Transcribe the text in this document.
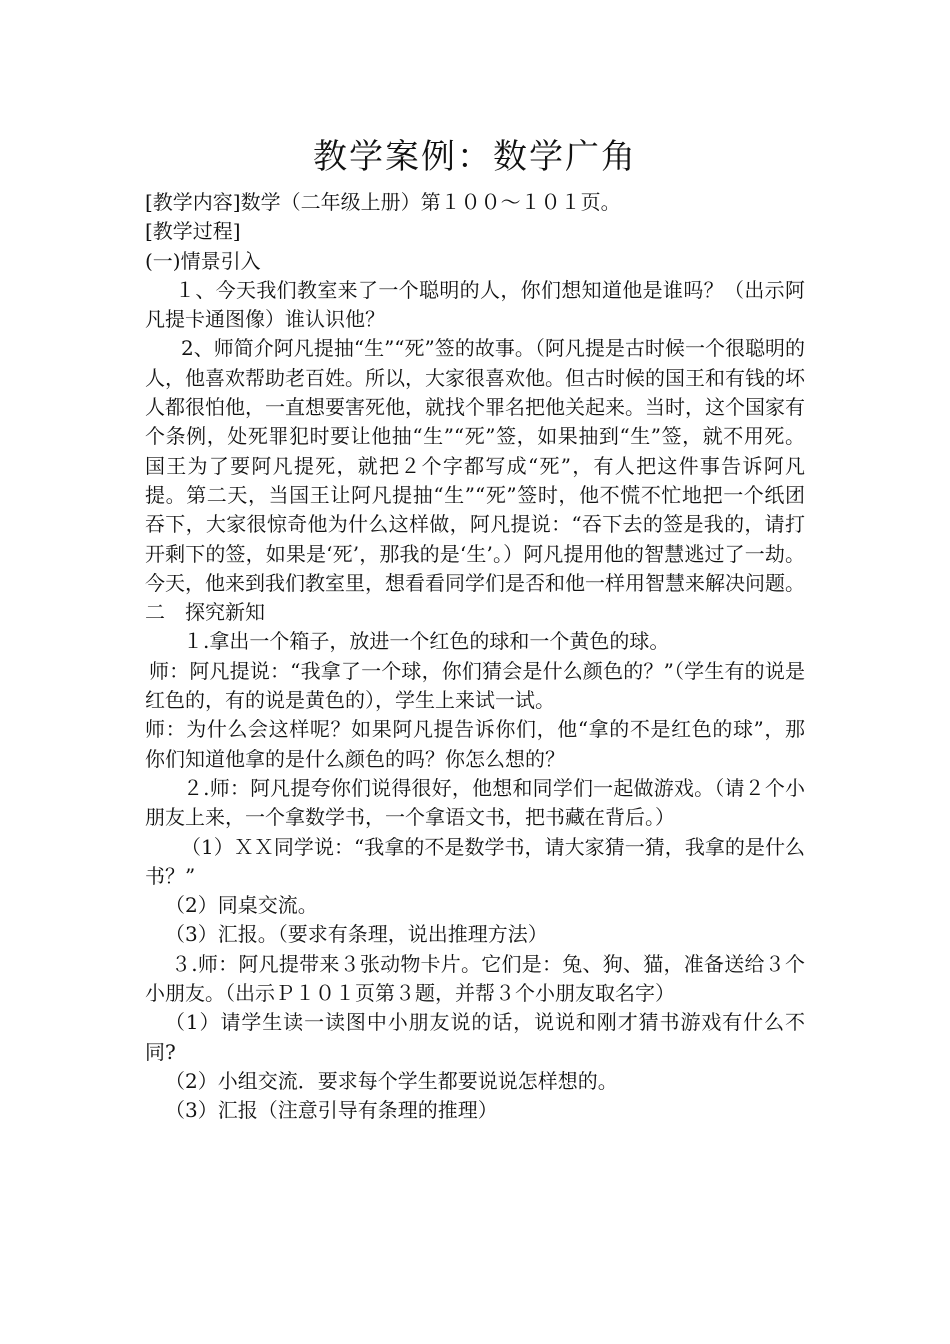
教学案例：数学广角

[教学内容]数学（二年级上册）第１００～１０１页。

[教学过程]

(一)情景引入

１、今天我们教室来了一个聪明的人，你们想知道他是谁吗？（出示阿凡提卡通图像）谁认识他？

2、师简介阿凡提抽“生”“死”签的故事。（阿凡提是古时候一个很聪明的人，他喜欢帮助老百姓。所以，大家很喜欢他。但古时候的国王和有钱的坏人都很怕他，一直想要害死他，就找个罪名把他关起来。当时，这个国家有个条例，处死罪犯时要让他抽“生”“死”签，如果抽到“生”签，就不用死。国王为了要阿凡提死，就把２个字都写成“死”，有人把这件事告诉阿凡提。第二天，当国王让阿凡提抽“生”“死”签时，他不慌不忙地把一个纸团吞下，大家很惊奇他为什么这样做，阿凡提说：“吞下去的签是我的，请打开剩下的签，如果是‘死’，那我的是‘生’。）阿凡提用他的智慧逃过了一劫。今天，他来到我们教室里，想看看同学们是否和他一样用智慧来解决问题。

二　探究新知

１.拿出一个箱子，放进一个红色的球和一个黄色的球。

师：阿凡提说：“我拿了一个球，你们猜会是什么颜色的？”（学生有的说是红色的，有的说是黄色的），学生上来试一试。

师：为什么会这样呢？如果阿凡提告诉你们，他“拿的不是红色的球”，那你们知道他拿的是什么颜色的吗？你怎么想的？

２.师：阿凡提夸你们说得很好，他想和同学们一起做游戏。（请２个小朋友上来，一个拿数学书，一个拿语文书，把书藏在背后。）

（1）ＸＸ同学说：“我拿的不是数学书，请大家猜一猜，我拿的是什么书？”

（2）同桌交流。

（3）汇报。（要求有条理，说出推理方法）

３.师：阿凡提带来３张动物卡片。它们是：兔、狗、猫，准备送给３个小朋友。（出示Ｐ１０１页第３题，并帮３个小朋友取名字）

（1）请学生读一读图中小朋友说的话，说说和刚才猜书游戏有什么不同?

（2）小组交流．要求每个学生都要说说怎样想的。

（3）汇报（注意引导有条理的推理）
